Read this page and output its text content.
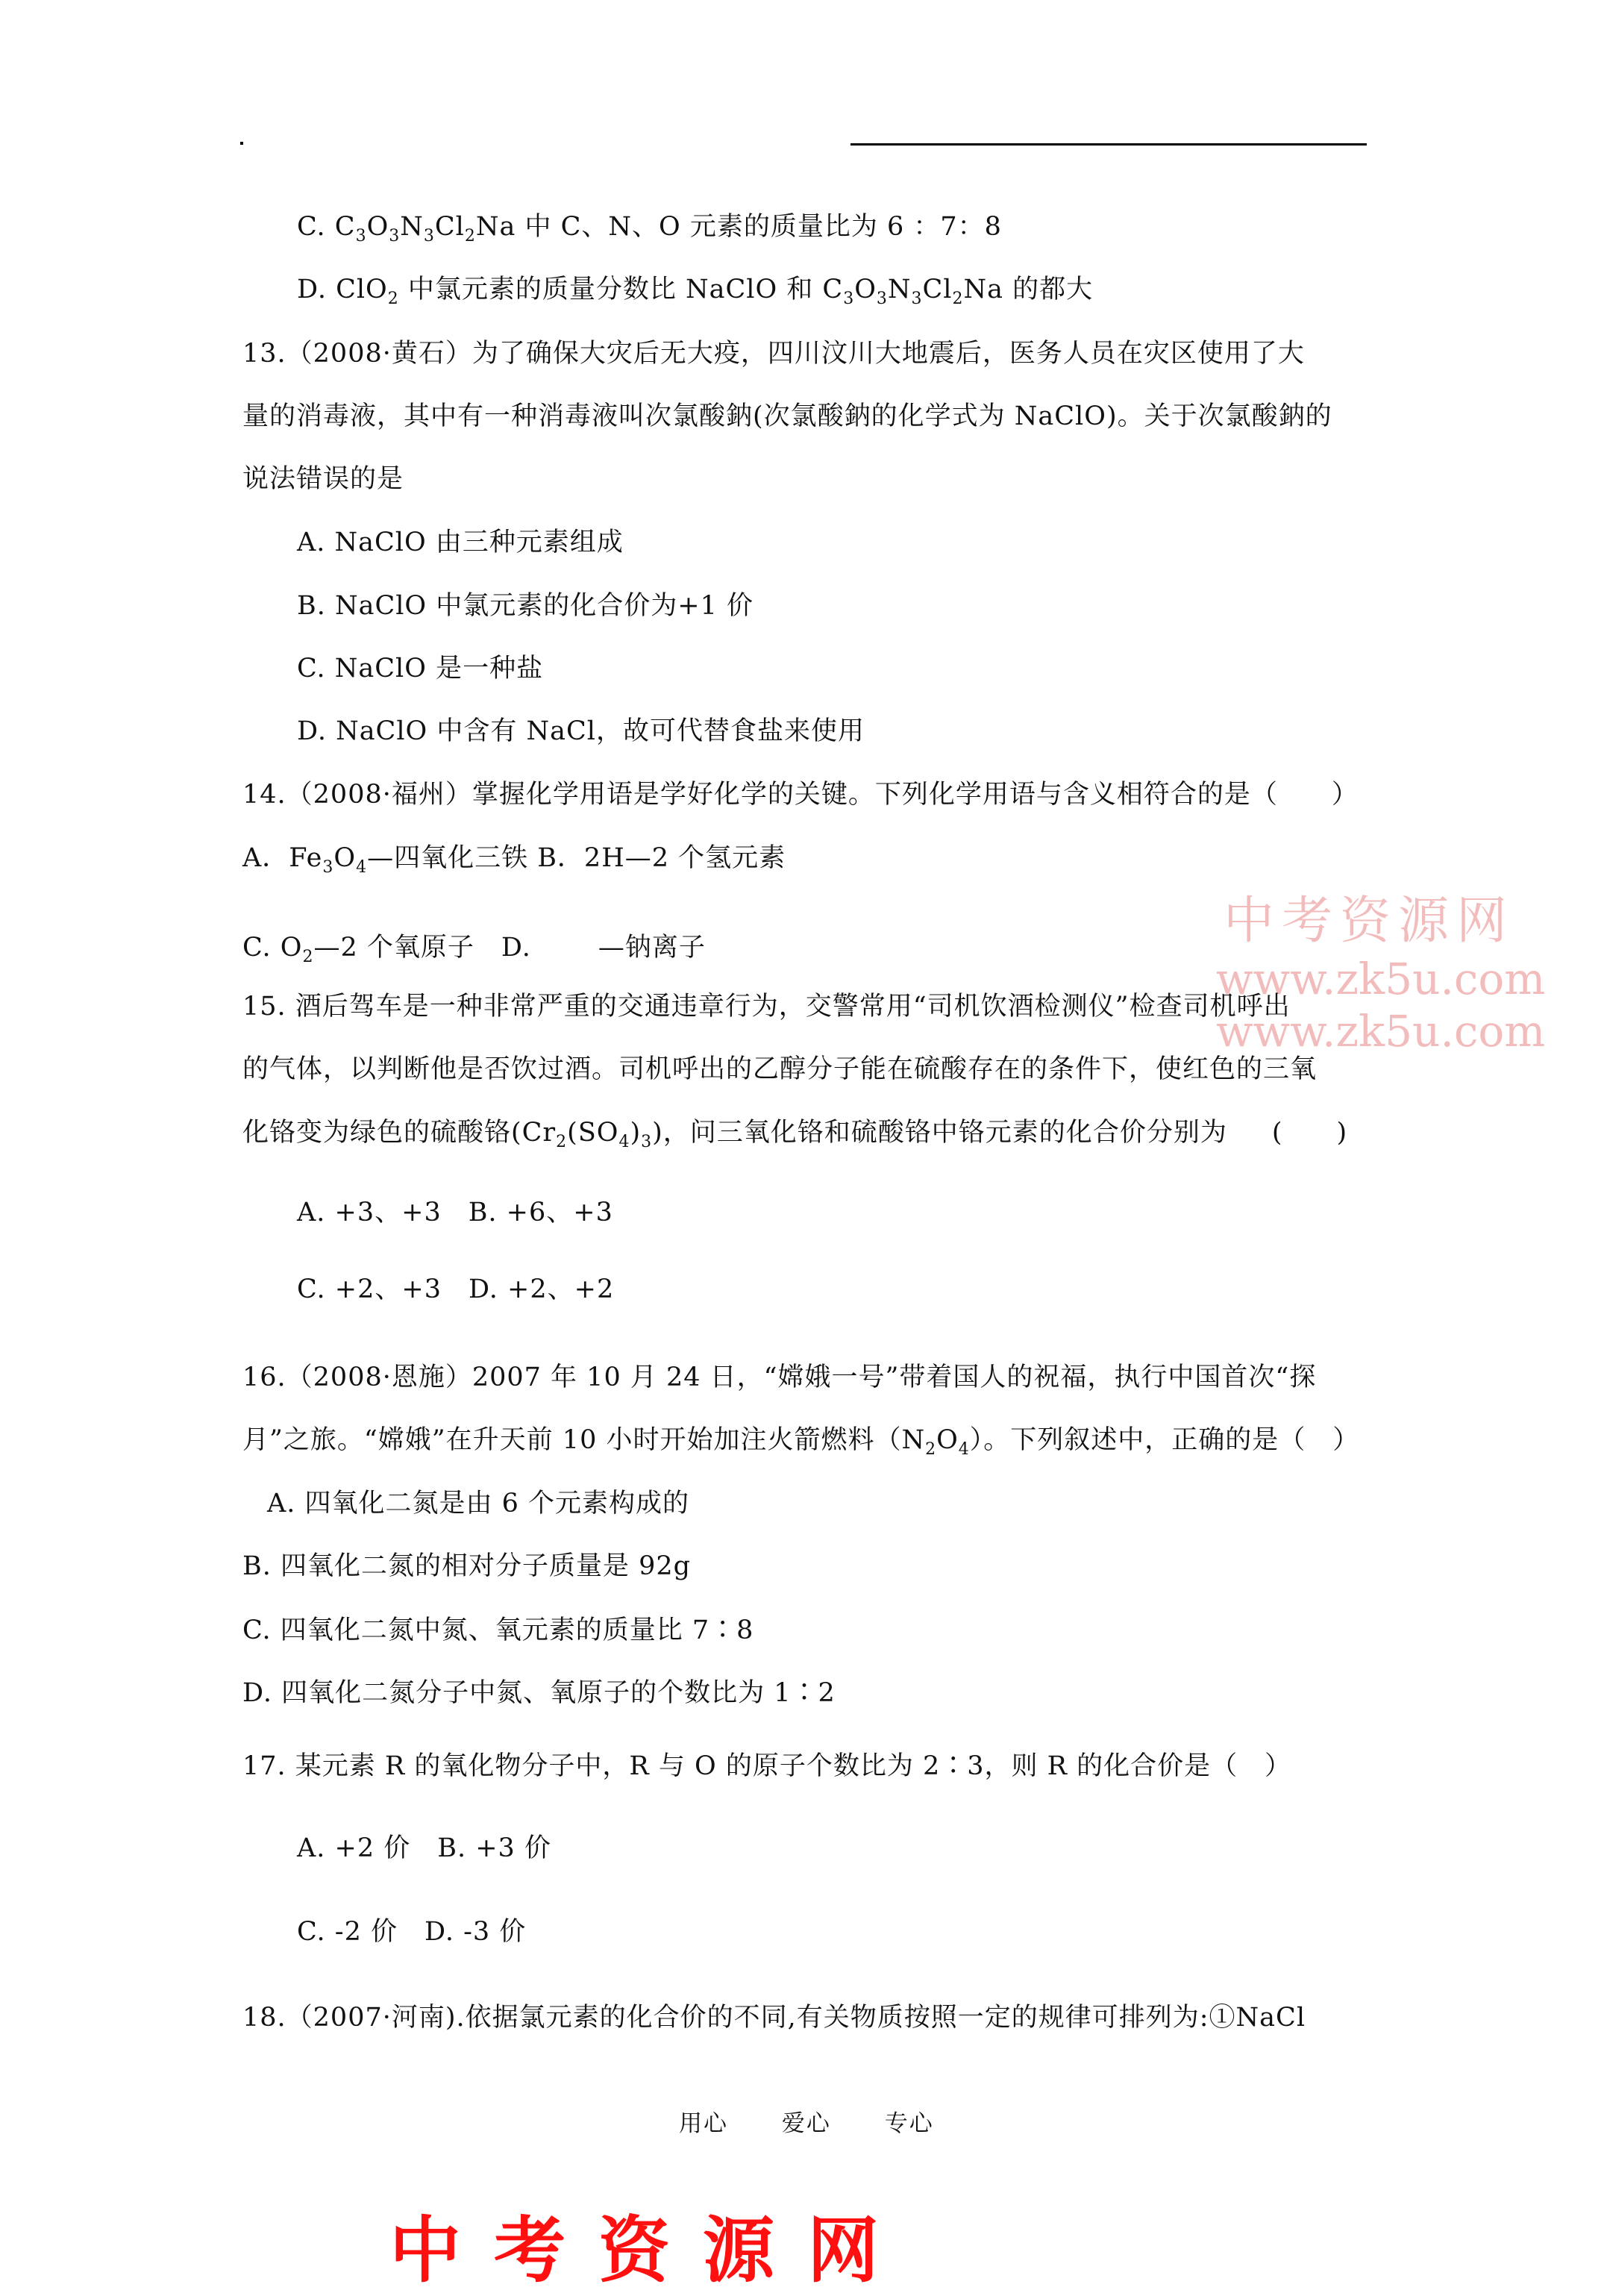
C. $C_3O_3N_3Cl_2Na$ 中 C、N、O 元素的质量比为 6 ：7：8
D. ClO$_2$ 中氯元素的质量分数比 NaClO 和 $C_3O_3N_3Cl_2Na$ 的都大
13.（2008·黄石）为了确保大灾后无大疫，四川汶川大地震后，医务人员在灾区使用了大
量的消毒液，其中有一种消毒液叫次氯酸鈉(次氯酸鈉的化学式为 NaClO)。关于次氯酸鈉的
说法错误的是
A. NaClO 由三种元素组成
B. NaClO 中氯元素的化合价为+1 价
C. NaClO 是一种盐
D. NaClO 中含有 NaCl，故可代替食盐来使用
14.（2008·福州）掌握化学用语是学好化学的关键。下列化学用语与含义相符合的是（　　）
A．$Fe_3O_4—$四氧化三铁 B．2H—2 个氢元素
C. $O_2—2$ 个氧原子　D.	—钠离子	中考资源网
www.zk5u.com
www.zk5u.com
15. 酒后驾车是一种非常严重的交通违章行为，交警常用“司机饮酒检测仪”检查司机呼出
的气体，以判断他是否饮过酒。司机呼出的乙醇分子能在硫酸存在的条件下，使红色的三氧
化铬变为绿色的硫酸铬$(Cr_2(SO_4)_3)$，问三氧化铬和硫酸铬中铬元素的化合价分别为 (　　)
A. +3、+3　B. +6、+3
C. +2、+3　D. +2、+2
16.（2008·恩施）2007 年 10 月 24 日，“嫦娥一号”带着国人的祝福，执行中国首次“探
月”之旅。“嫦娥”在升天前 10 小时开始加注火箭燃料$(N_2O_4)$。下列叙述中，正确的是（　）
A. 四氧化二氮是由 6 个元素构成的
B. 四氧化二氮的相对分子质量是 92g
C. 四氧化二氮中氮、氧元素的质量比 7∶8
D. 四氧化二氮分子中氮、氧原子的个数比为 1∶2
17. 某元素 R 的氧化物分子中，R 与 O 的原子个数比为 2∶3，则 R 的化合价是（　）
A. +2 价　B. +3 价
C. -2 价　D. -3 价
18.（2007·河南).依据氯元素的化合价的不同,有关物质按照一定的规律可排列为:①NaCl
用心 爱心 专心
中考资源网
